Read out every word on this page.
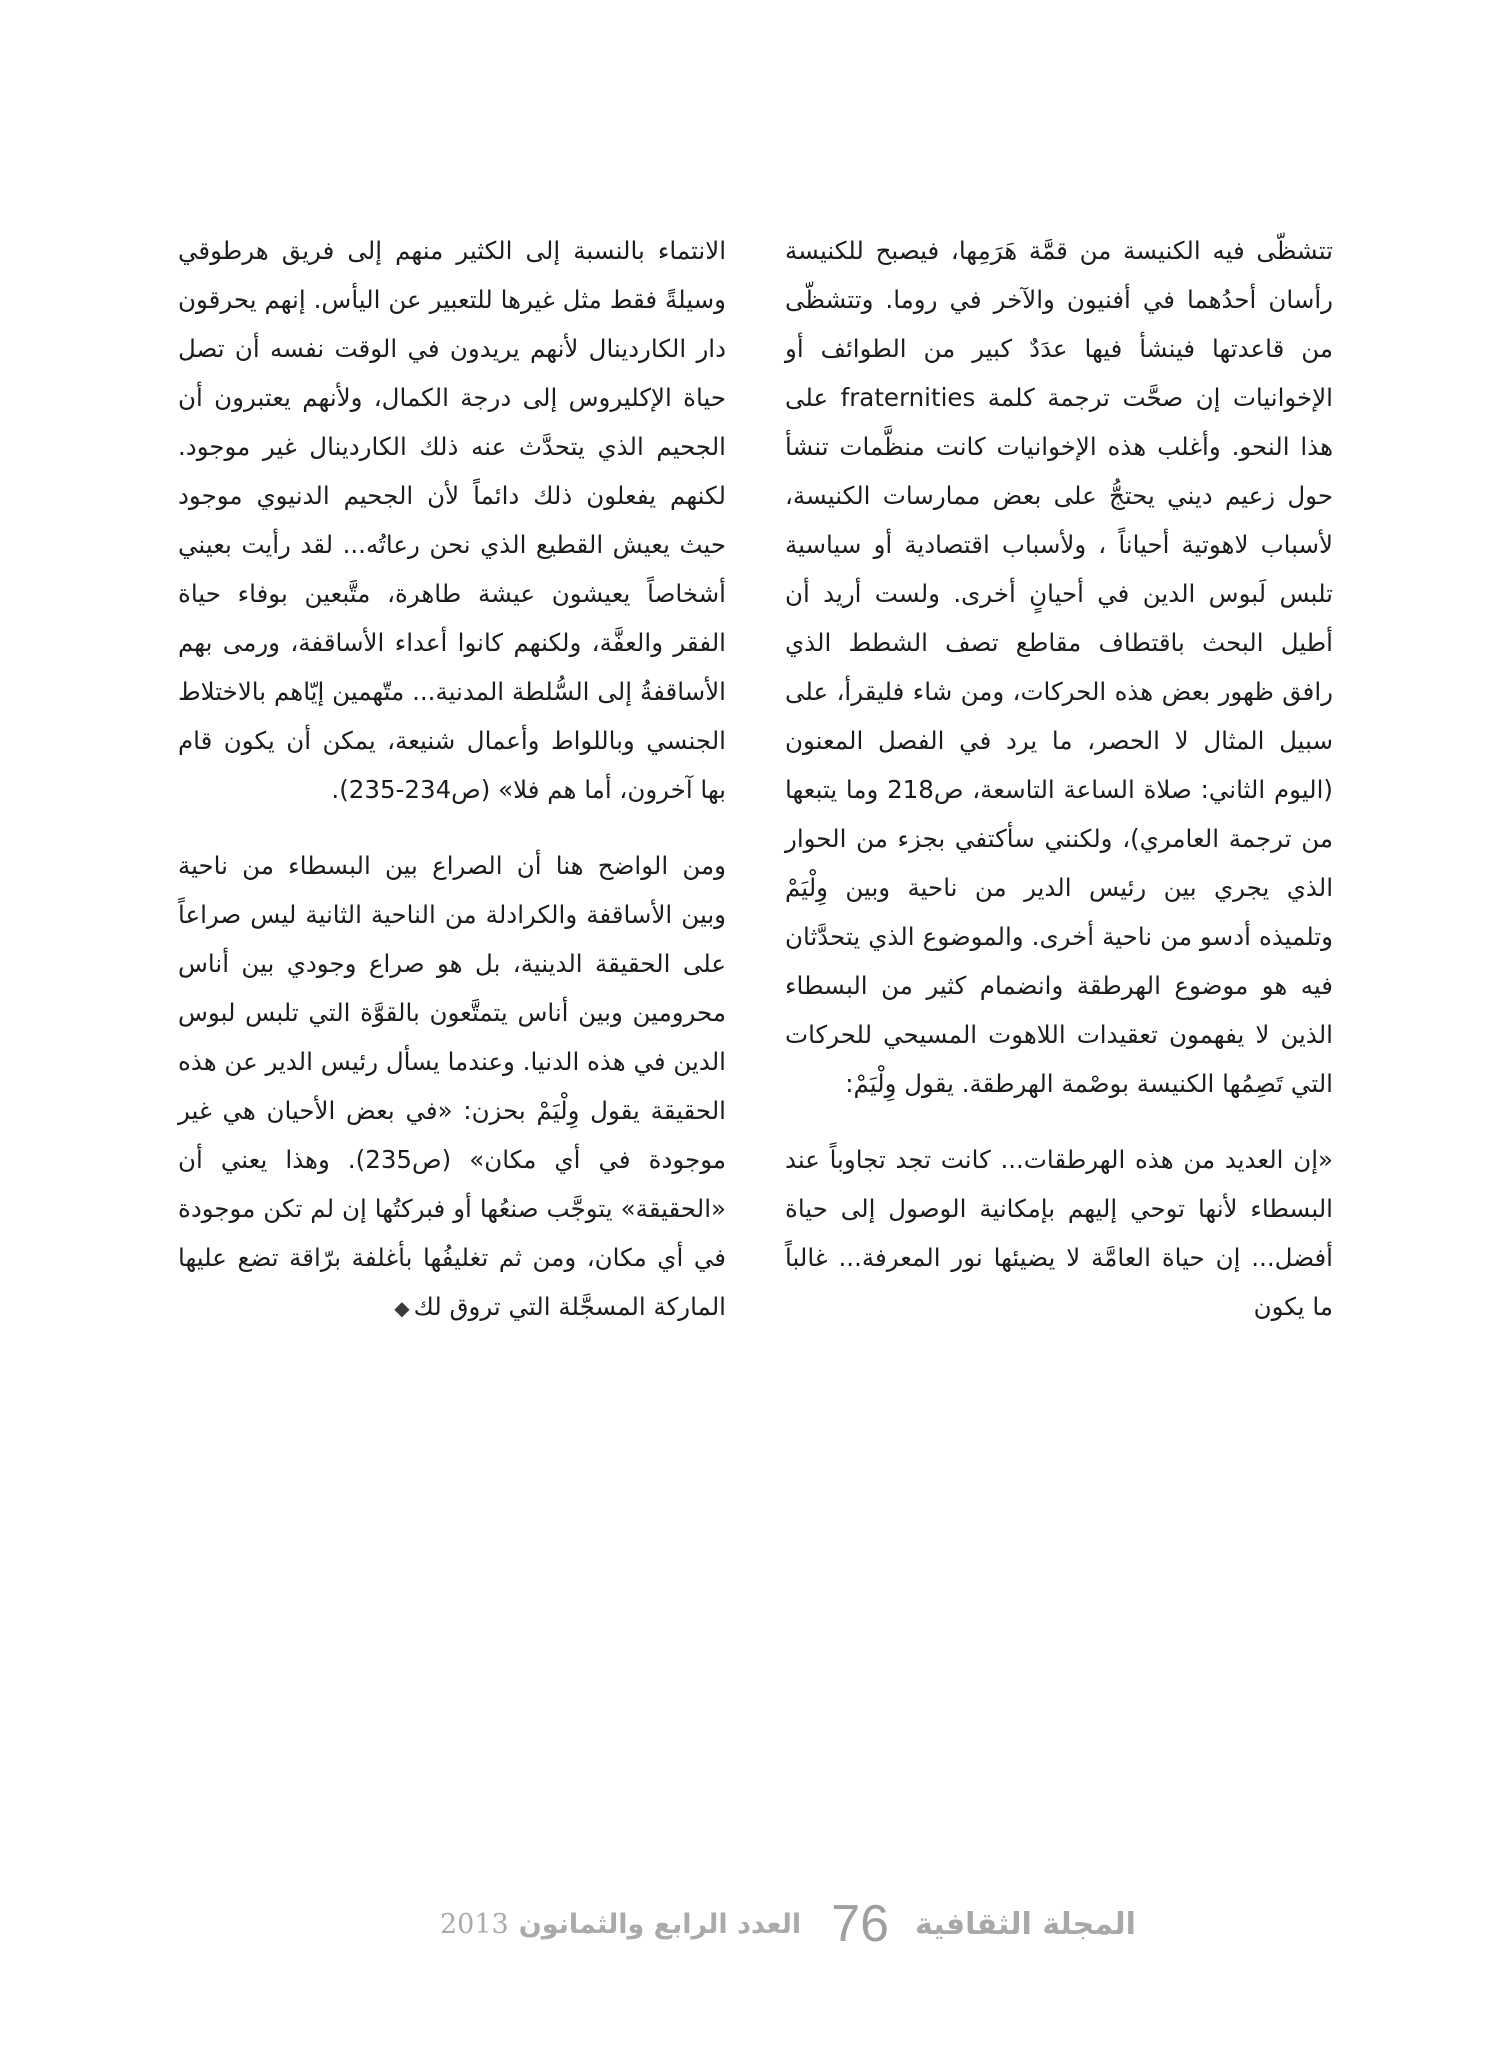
تتشظّى فيه الكنيسة من قمَّة هَرَمِها، فيصبح للكنيسة رأسان أحدُهما في أفنيون والآخر في روما. وتتشظّى من قاعدتها فينشأ فيها عدَدٌ كبير من الطوائف أو الإخوانيات إن صحَّت ترجمة كلمة fraternities على هذا النحو. وأغلب هذه الإخوانيات كانت منظَّمات تنشأ حول زعيم ديني يحتجُّ على بعض ممارسات الكنيسة، لأسباب لاهوتية أحياناً ، ولأسباب اقتصادية أو سياسية تلبس لَبوس الدين في أحيانٍ أخرى. ولست أريد أن أطيل البحث باقتطاف مقاطع تصف الشطط الذي رافق ظهور بعض هذه الحركات، ومن شاء فليقرأ، على سبيل المثال لا الحصر، ما يرد في الفصل المعنون (اليوم الثاني: صلاة الساعة التاسعة، ص218 وما يتبعها من ترجمة العامري)، ولكنني سأكتفي بجزء من الحوار الذي يجري بين رئيس الدير من ناحية وبين وِلْيَمْ وتلميذه أدسو من ناحية أخرى. والموضوع الذي يتحدَّثان فيه هو موضوع الهرطقة وانضمام كثير من البسطاء الذين لا يفهمون تعقيدات اللاهوت المسيحي للحركات التي تَصِمُها الكنيسة بوصْمة الهرطقة. يقول وِلْيَمْ:

«إن العديد من هذه الهرطقات... كانت تجد تجاوباً عند البسطاء لأنها توحي إليهم بإمكانية الوصول إلى حياة أفضل... إن حياة العامَّة لا يضيئها نور المعرفة... غالباً ما يكون

الانتماء بالنسبة إلى الكثير منهم إلى فريق هرطوقي وسيلةً فقط مثل غيرها للتعبير عن اليأس. إنهم يحرقون دار الكاردينال لأنهم يريدون في الوقت نفسه أن تصل حياة الإكليروس إلى درجة الكمال، ولأنهم يعتبرون أن الجحيم الذي يتحدَّث عنه ذلك الكاردينال غير موجود. لكنهم يفعلون ذلك دائماً لأن الجحيم الدنيوي موجود حيث يعيش القطيع الذي نحن رعاتُه... لقد رأيت بعيني أشخاصاً يعيشون عيشة طاهرة، متَّبعين بوفاء حياة الفقر والعفَّة، ولكنهم كانوا أعداء الأساقفة، ورمى بهم الأساقفةُ إلى السُّلطة المدنية... متّهمين إيّاهم بالاختلاط الجنسي وباللواط وأعمال شنيعة، يمكن أن يكون قام بها آخرون، أما هم فلا» (ص234-235).

ومن الواضح هنا أن الصراع بين البسطاء من ناحية وبين الأساقفة والكرادلة من الناحية الثانية ليس صراعاً على الحقيقة الدينية، بل هو صراع وجودي بين أناس محرومين وبين أناس يتمتَّعون بالقوَّة التي تلبس لبوس الدين في هذه الدنيا. وعندما يسأل رئيس الدير عن هذه الحقيقة يقول وِلْيَمْ بحزن: «في بعض الأحيان هي غير موجودة في أي مكان» (ص235). وهذا يعني أن «الحقيقة» يتوجَّب صنعُها أو فبركتُها إن لم تكن موجودة في أي مكان، ومن ثم تغليفُها بأغلفة برّاقة تضع عليها الماركة المسجَّلة التي تروق لك◆

2013 العدد الرابع والثمانون 76 المجلة الثقافية
